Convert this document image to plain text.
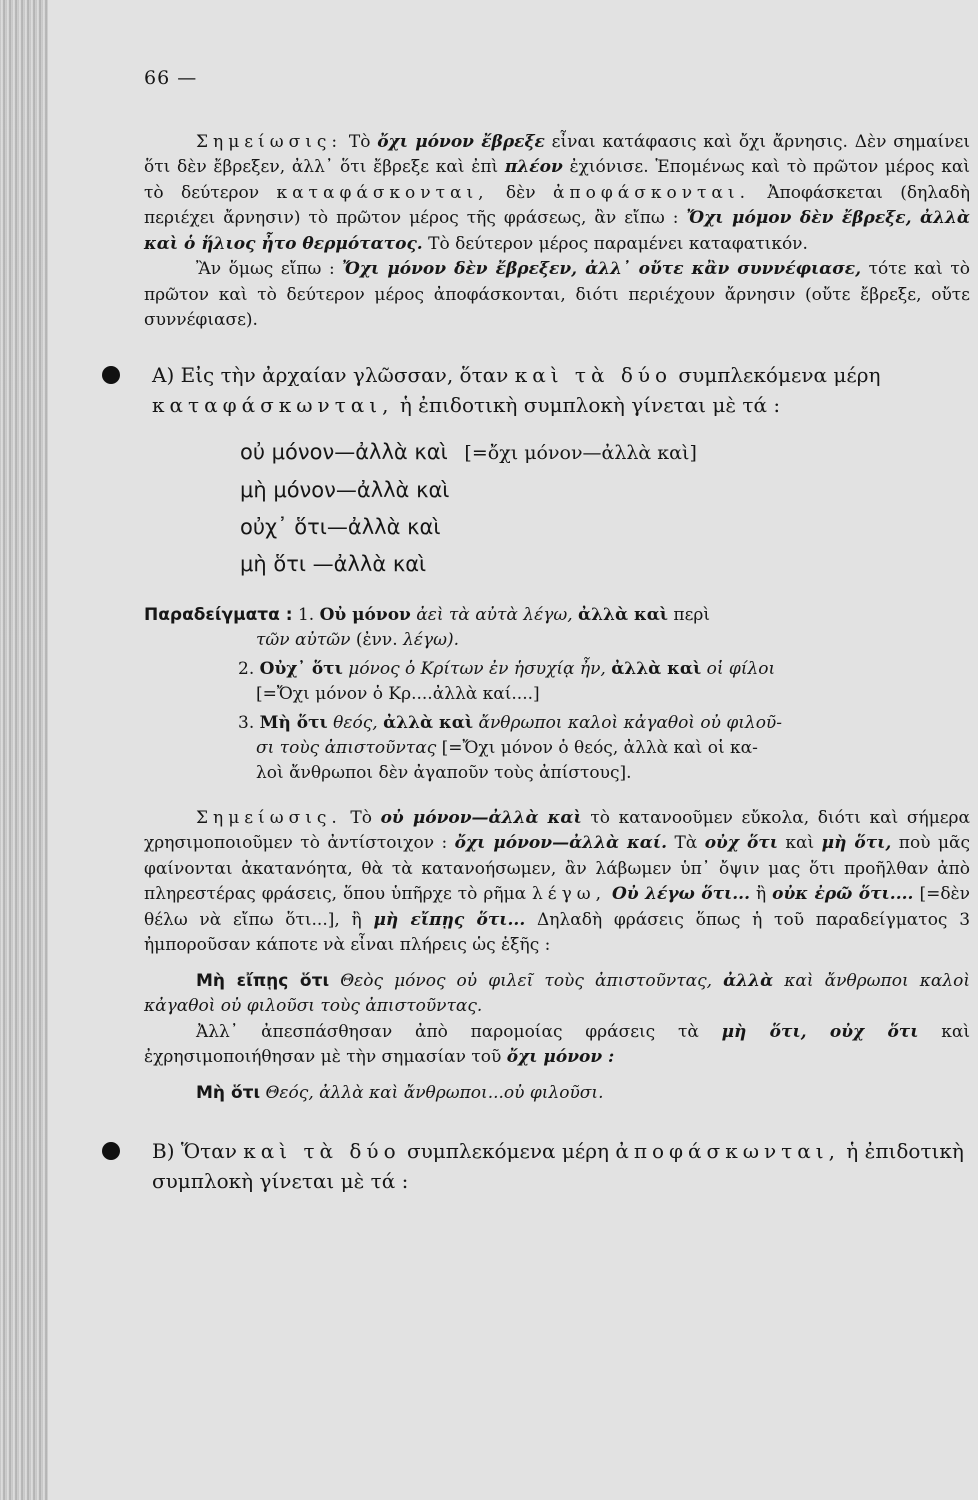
66 —

Σημείωσις: Τὸ ὄχι μόνον ἔβρεξε εἶναι κατάφασις καὶ ὄχι ἄρνησις. Δὲν σημαίνει ὅτι δὲν ἔβρεξεν, ἀλλ᾽ ὅτι ἔβρεξε καὶ ἐπὶ πλέον ἐχιόνισε. Ἑπομένως καὶ τὸ πρῶτον μέρος καὶ τὸ δεύτερον καταφάσκονται, δὲν ἀποφάσκονται. Ἀποφάσκεται (δηλαδὴ περιέχει ἄρνησιν) τὸ πρῶτον μέρος τῆς φράσεως, ἂν εἴπω : Ὄχι μόμον δὲν ἔβρεξε, ἀλλὰ καὶ ὁ ἥλιος ἦτο θερμότατος. Τὸ δεύτερον μέρος παραμένει καταφατικόν.

Ἂν ὅμως εἴπω : Ὄχι μόνον δὲν ἔβρεξεν, ἀλλ᾽ οὔτε κἂν συννέφιασε, τότε καὶ τὸ πρῶτον καὶ τὸ δεύτερον μέρος ἀποφάσκονται, διότι περιέχουν ἄρνησιν (οὔτε ἔβρεξε, οὔτε συννέφιασε).

Α) Εἰς τὴν ἀρχαίαν γλῶσσαν, ὅταν καὶ τὰ δύο συμπλεκόμενα μέρη καταφάσκωνται, ἡ ἐπιδοτικὴ συμπλοκὴ γίνεται μὲ τά :
οὐ μόνον—ἀλλὰ καὶ [=ὄχι μόνον—ἀλλὰ καὶ]
μὴ μόνον—ἀλλὰ καὶ
οὐχ᾽ ὅτι—ἀλλὰ καὶ
μὴ ὅτι —ἀλλὰ καὶ
Παραδείγματα : 1. Οὐ μόνον ἀεὶ τὰ αὐτὰ λέγω, ἀλλὰ καὶ περὶ
τῶν αὐτῶν (ἐνν. λέγω).
2. Οὐχ᾽ ὅτι μόνος ὁ Κρίτων ἐν ἡσυχίᾳ ἦν, ἀλλὰ καὶ οἱ φίλοι
[=Ὄχι μόνον ὁ Κρ....ἀλλὰ καί....]
3. Μὴ ὅτι θεός, ἀλλὰ καὶ ἄνθρωποι καλοὶ κἀγαθοὶ οὐ φιλοῦ-
σι τοὺς ἀπιστοῦντας [=Ὄχι μόνον ὁ θεός, ἀλλὰ καὶ οἱ κα-
λοὶ ἄνθρωποι δὲν ἀγαποῦν τοὺς ἀπίστους].

Σημείωσις. Τὸ οὐ μόνον—ἀλλὰ καὶ τὸ κατανοοῦμεν εὔκολα, διότι καὶ σήμερα χρησιμοποιοῦμεν τὸ ἀντίστοιχον : ὄχι μόνον—ἀλλὰ καί. Τὰ οὐχ ὅτι καὶ μὴ ὅτι, ποὺ μᾶς φαίνονται ἀκατανόητα, θὰ τὰ κατανοήσωμεν, ἂν λάβωμεν ὑπ᾽ ὄψιν μας ὅτι προῆλθαν ἀπὸ πληρεστέρας φράσεις, ὅπου ὑπῆρχε τὸ ρῆμα λέγω, Οὐ λέγω ὅτι... ἢ οὐκ ἐρῶ ὅτι.... [=δὲν θέλω νὰ εἴπω ὅτι...], ἢ μὴ εἴπῃς ὅτι... Δηλαδὴ φράσεις ὅπως ἡ τοῦ παραδείγματος 3 ἠμποροῦσαν κάποτε νὰ εἶναι πλήρεις ὡς ἑξῆς :

Μὴ εἴπῃς ὅτι Θεὸς μόνος οὐ φιλεῖ τοὺς ἀπιστοῦντας, ἀλλὰ καὶ ἄνθρωποι καλοὶ κἀγαθοὶ οὐ φιλοῦσι τοὺς ἀπιστοῦντας.

Ἀλλ᾽ ἀπεσπάσθησαν ἀπὸ παρομοίας φράσεις τὰ μὴ ὅτι, οὐχ ὅτι καὶ ἐχρησιμοποιήθησαν μὲ τὴν σημασίαν τοῦ ὄχι μόνον :

Μὴ ὅτι Θεός, ἀλλὰ καὶ ἄνθρωποι...οὐ φιλοῦσι.

Β) Ὅταν καὶ τὰ δύο συμπλεκόμενα μέρη ἀποφάσκωνται, ἡ ἐπιδοτικὴ συμπλοκὴ γίνεται μὲ τά :
